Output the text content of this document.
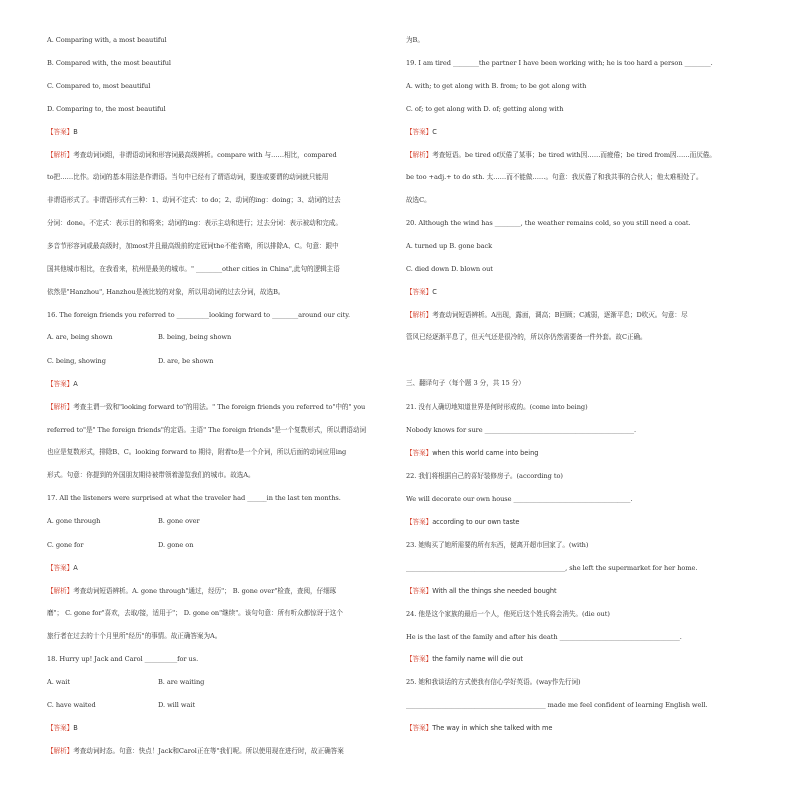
A. Comparing with, a most beautiful
B. Compared with, the most beautiful
C. Compared to, most beautiful
D. Comparing to, the most beautiful
【答案】B
【解析】考查动词词组，非谓语动词和形容词最高级辨析。compare with 与……相比，compared
to把……比作。动词的基本用法是作谓语。当句中已经有了谓语动词，要连或要谓的动词就只能用
非谓语形式了。非谓语形式有三种：1、动词不定式：to do；2、动词的ing：doing；3、动词的过去
分词：done。不定式：表示目的和将来；动词的ing：表示主动和进行；过去分词：表示被动和完成。
多音节形容词或最高级时，加most并且最高级前的定冠词the不能省略，所以排除A、C。句意：跟中
国其他城市相比，在我看来，杭州是最美的城市。" ________other cities in China",此句的逻辑主语
依然是"Hanzhou", Hanzhou是被比较的对象，所以用动词的过去分词，故选B。
16. The foreign friends you referred to __________looking forward to ________around our city.
A. are, being shown	B. being, being shown
C. being, showing	D. are, be shown
【答案】A
【解析】考查主谓一致和"looking forward to"的用法。" The foreign friends you referred to"中的" you
referred to"是" The foreign friends"的定语。主语" The foreign friends"是一个复数形式，所以谓语动词
也应是复数形式，排除B、C。looking forward to 期待，附着to是一个介词，所以后面的动词应用ing
形式。句意：你提到的外国朋友期待被带领着游览我们的城市。故选A。
17. All the listeners were surprised at what the traveler had ______in the last ten months.
A. gone through	B. gone over
C. gone for	D. gone on
【答案】A
【解析】考查动词短语辨析。A. gone through"通过，经历"； B. gone over"检查，查阅，仔细琢
磨"； C. gone for"喜欢，去取/接，适用于"； D. gone on"继续"。该句句意：所有听众都惊讶于这个
旅行者在过去的十个月里所"经历"的事情。故正确答案为A。
18. Hurry up! Jack and Carol __________for us.
A. wait	B. are waiting
C. have waited	D. will wait
【答案】B
【解析】考查动词时态。句意：快点！Jack和Carol正在等"我们呢。所以使用现在进行时，故正确答案
为B。
19. I am tired ________the partner I have been working with; he is too hard a person ________.
A. with; to get along with B. from; to be got along with
C. of; to get along with D. of; getting along with
【答案】C
【解析】考查短语。be tired of厌倦了某事；be tired with因……而疲倦；be tired from因……而厌倦。
be too +adj.+ to do sth. 太……而不能做……。句意：我厌倦了和我共事的合伙人；他太难相处了。
故选C。
20. Although the wind has ________, the weather remains cold, so you still need a coat.
A. turned up B. gone back
C. died down D. blown out
【答案】C
【解析】考查动词短语辨析。A出现，露面，调高；B回顾；C减弱，逐渐平息；D吹灭。句意：尽
管风已经逐渐平息了，但天气还是很冷的，所以你仍然需要备一件外套。故C正确。
三、翻译句子（每个题 3 分，共 15 分）
21. 没有人确切地知道世界是何时形成的。(come into being)
Nobody knows for sure ______________________________________________.
【答案】when this world came into being
22. 我们将根据自己的喜好装修房子。(according to)
We will decorate our own house ____________________________________.
【答案】according to our own taste
23. 她购买了她所需要的所有东西，便离开超市回家了。(with)
_________________________________________________, she left the supermarket for her home.
【答案】With all the things she needed bought
24. 他是这个家族的最后一个人，他死后这个姓氏将会消失。(die out)
He is the last of the family and after his death _____________________________________.
【答案】the family name will die out
25. 她和我谈话的方式使我有信心学好英语。(way作先行词)
___________________________________________ made me feel confident of learning English well.
【答案】The way in which she talked with me
